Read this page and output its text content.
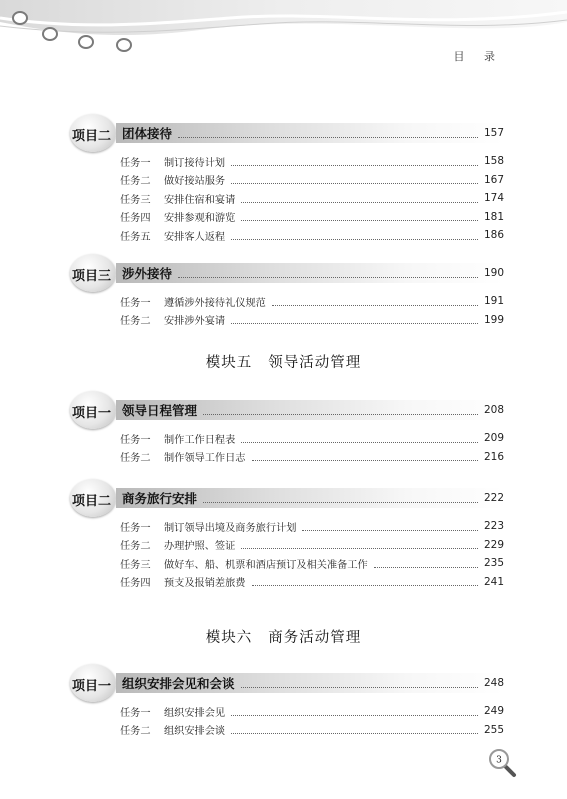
目 录
项目二 团体接待	157
任务一	制订接待计划	158
任务二	做好接站服务	167
任务三	安排住宿和宴请	174
任务四	安排参观和游览	181
任务五	安排客人返程	186
项目三 涉外接待	190
任务一	遵循涉外接待礼仪规范	191
任务二	安排涉外宴请	199
模块五 领导活动管理
项目一 领导日程管理	208
任务一	制作工作日程表	209
任务二	制作领导工作日志	216
项目二 商务旅行安排	222
任务一	制订领导出境及商务旅行计划	223
任务二	办理护照、签证	229
任务三	做好车、船、机票和酒店预订及相关准备工作	235
任务四	预支及报销差旅费	241
模块六 商务活动管理
项目一 组织安排会见和会谈	248
任务一	组织安排会见	249
任务二	组织安排会谈	255
3
